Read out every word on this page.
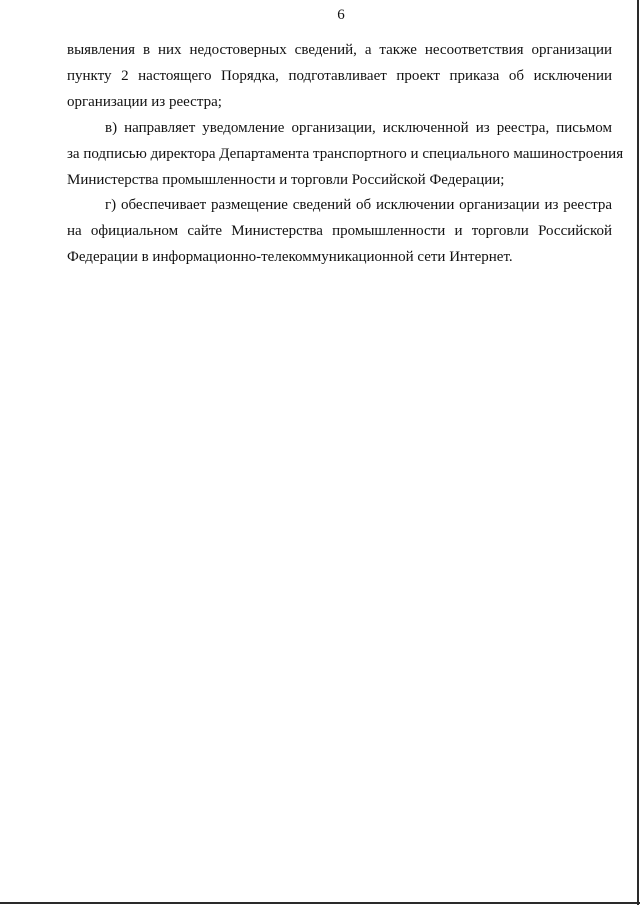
6
выявления в них недостоверных сведений, а также несоответствия организации
пункту 2 настоящего Порядка, подготавливает проект приказа об исключении
организации из реестра;
в) направляет уведомление организации, исключенной из реестра, письмом
за подписью директора Департамента транспортного и специального машиностроения
Министерства промышленности и торговли Российской Федерации;
г) обеспечивает размещение сведений об исключении организации из реестра
на официальном сайте Министерства промышленности и торговли Российской
Федерации в информационно-телекоммуникационной сети Интернет.
